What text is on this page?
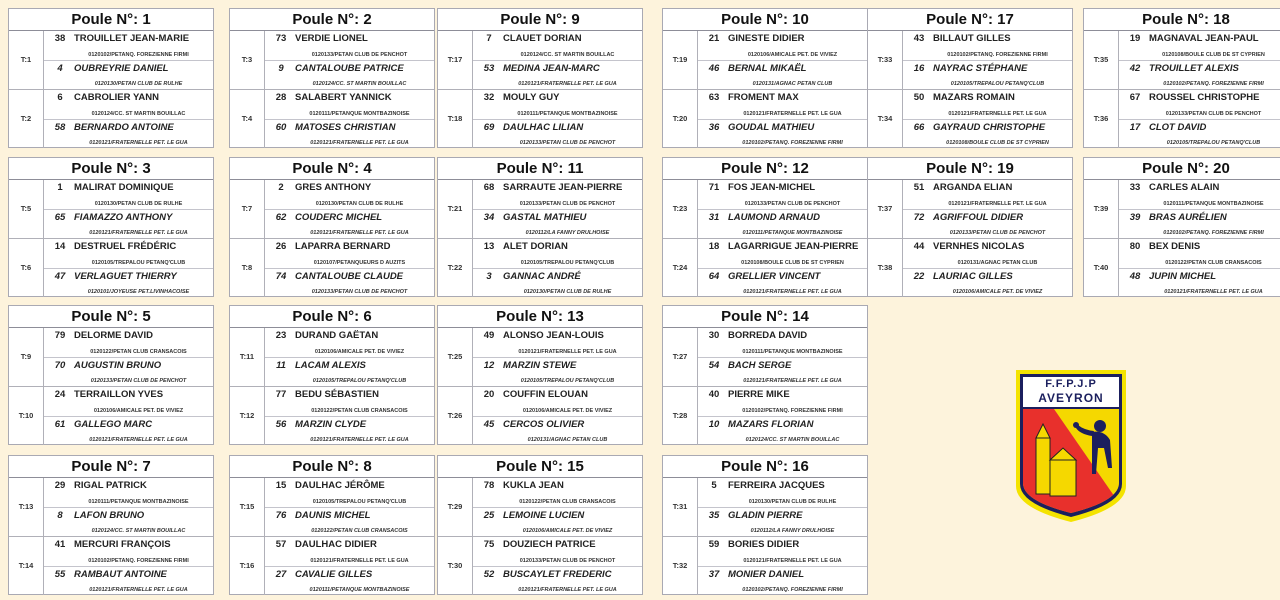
Poule N°: 1
T:1
38 TROUILLET JEAN-MARIE
0120102/PETANQ. FOREZIENNE FIRMI
4	OUBREYRIE DANIEL
0120130/PETAN CLUB DE RULHE
T:2
6	CABROLIER YANN
0120124/CC. ST MARTIN BOUILLAC
58 BERNARDO ANTOINE
0120121/FRATERNELLE PET. LE GUA
Poule N°: 2
T:3
73 VERDIE LIONEL
0120133/PETAN CLUB DE PENCHOT
9	CANTALOUBE PATRICE
0120124/CC. ST MARTIN BOUILLAC
T:4
28 SALABERT YANNICK
0120111/PETANQUE MONTBAZINOISE
60 MATOSES CHRISTIAN
0120121/FRATERNELLE PET. LE GUA
Poule N°: 9
T:17
7	CLAUET DORIAN
0120124/CC. ST MARTIN BOUILLAC
53 MEDINA JEAN-MARC
0120121/FRATERNELLE PET. LE GUA
T:18
32 MOULY GUY
0120111/PETANQUE MONTBAZINOISE
69 DAULHAC LILIAN
0120133/PETAN CLUB DE PENCHOT
Poule N°: 10
T:19
21 GINESTE DIDIER
0120106/AMICALE PET. DE VIVIEZ
46 BERNAL MIKAËL
0120131/AGNAC PETAN CLUB
T:20
63 FROMENT MAX
0120121/FRATERNELLE PET. LE GUA
36 GOUDAL MATHIEU
0120102/PETANQ. FOREZIENNE FIRMI
Poule N°: 17
T:33
43 BILLAUT GILLES
0120102/PETANQ. FOREZIENNE FIRMI
16 NAYRAC STÉPHANE
0120105/TREPALOU PETANQ'CLUB
T:34
50 MAZARS ROMAIN
0120121/FRATERNELLE PET. LE GUA
66 GAYRAUD CHRISTOPHE
0120108/BOULE CLUB DE ST CYPRIEN
Poule N°: 18
T:35
19 MAGNAVAL JEAN-PAUL
0120108/BOULE CLUB DE ST CYPRIEN
42 TROUILLET ALEXIS
0120102/PETANQ. FOREZIENNE FIRMI
T:36
67 ROUSSEL CHRISTOPHE
0120133/PETAN CLUB DE PENCHOT
17 CLOT DAVID
0120105/TREPALOU PETANQ'CLUB
Poule N°: 3
T:5
1	MALIRAT DOMINIQUE
0120130/PETAN CLUB DE RULHE
65 FIAMAZZO ANTHONY
0120121/FRATERNELLE PET. LE GUA
T:6
14 DESTRUEL FRÉDÉRIC
0120105/TREPALOU PETANQ'CLUB
47 VERLAGUET THIERRY
0120101/JOYEUSE PET.LIVINHACOISE
Poule N°: 4
T:7
2	GRES ANTHONY
0120130/PETAN CLUB DE RULHE
62 COUDERC MICHEL
0120121/FRATERNELLE PET. LE GUA
T:8
26 LAPARRA BERNARD
0120107/PETANQUEURS D AUZITS
74 CANTALOUBE CLAUDE
0120133/PETAN CLUB DE PENCHOT
Poule N°: 11
T:21
68 SARRAUTE JEAN-PIERRE
0120133/PETAN CLUB DE PENCHOT
34 GASTAL MATHIEU
0120112/LA FANNY DRULHOISE
T:22
13 ALET DORIAN
0120105/TREPALOU PETANQ'CLUB
3	GANNAC ANDRÉ
0120130/PETAN CLUB DE RULHE
Poule N°: 12
T:23
71 FOS JEAN-MICHEL
0120133/PETAN CLUB DE PENCHOT
31 LAUMOND ARNAUD
0120111/PETANQUE MONTBAZINOISE
T:24
18 LAGARRIGUE JEAN-PIERRE
0120108/BOULE CLUB DE ST CYPRIEN
64 GRELLIER VINCENT
0120121/FRATERNELLE PET. LE GUA
Poule N°: 19
T:37
51 ARGANDA ELIAN
0120121/FRATERNELLE PET. LE GUA
72 AGRIFFOUL DIDIER
0120133/PETAN CLUB DE PENCHOT
T:38
44 VERNHES NICOLAS
0120131/AGNAC PETAN CLUB
22 LAURIAC GILLES
0120106/AMICALE PET. DE VIVIEZ
Poule N°: 20
T:39
33 CARLES ALAIN
0120111/PETANQUE MONTBAZINOISE
39 BRAS AURÉLIEN
0120102/PETANQ. FOREZIENNE FIRMI
T:40
80 BEX DENIS
0120122/PETAN CLUB CRANSACOIS
48 JUPIN MICHEL
0120121/FRATERNELLE PET. LE GUA
Poule N°: 5
T:9
79 DELORME DAVID
0120122/PETAN CLUB CRANSACOIS
70 AUGUSTIN BRUNO
0120133/PETAN CLUB DE PENCHOT
T:10
24 TERRAILLON YVES
0120106/AMICALE PET. DE VIVIEZ
61 GALLEGO MARC
0120121/FRATERNELLE PET. LE GUA
Poule N°: 6
T:11
23 DURAND GAËTAN
0120106/AMICALE PET. DE VIVIEZ
11 LACAM ALEXIS
0120105/TREPALOU PETANQ'CLUB
T:12
77 BEDU SÉBASTIEN
0120122/PETAN CLUB CRANSACOIS
56 MARZIN CLYDE
0120121/FRATERNELLE PET. LE GUA
Poule N°: 13
T:25
49 ALONSO JEAN-LOUIS
0120121/FRATERNELLE PET. LE GUA
12 MARZIN STEWE
0120105/TREPALOU PETANQ'CLUB
T:26
20 COUFFIN ELOUAN
0120106/AMICALE PET. DE VIVIEZ
45 CERCOS OLIVIER
0120131/AGNAC PETAN CLUB
Poule N°: 14
T:27
30 BORREDA DAVID
0120111/PETANQUE MONTBAZINOISE
54 BACH SERGE
0120121/FRATERNELLE PET. LE GUA
T:28
40 PIERRE MIKE
0120102/PETANQ. FOREZIENNE FIRMI
10 MAZARS FLORIAN
0120124/CC. ST MARTIN BOUILLAC
Poule N°: 7
T:13
29 RIGAL PATRICK
0120111/PETANQUE MONTBAZINOISE
8	LAFON BRUNO
0120124/CC. ST MARTIN BOUILLAC
T:14
41 MERCURI FRANÇOIS
0120102/PETANQ. FOREZIENNE FIRMI
55 RAMBAUT ANTOINE
0120121/FRATERNELLE PET. LE GUA
Poule N°: 8
T:15
15 DAULHAC JÉRÔME
0120105/TREPALOU PETANQ'CLUB
76 DAUNIS MICHEL
0120122/PETAN CLUB CRANSACOIS
T:16
57 DAULHAC DIDIER
0120121/FRATERNELLE PET. LE GUA
27 CAVALIE GILLES
0120111/PETANQUE MONTBAZINOISE
Poule N°: 15
T:29
78 KUKLA JEAN
0120122/PETAN CLUB CRANSACOIS
25 LEMOINE LUCIEN
0120106/AMICALE PET. DE VIVIEZ
T:30
75 DOUZIECH PATRICE
0120133/PETAN CLUB DE PENCHOT
52 BUSCAYLET FREDERIC
0120121/FRATERNELLE PET. LE GUA
Poule N°: 16
T:31
5	FERREIRA JACQUES
0120130/PETAN CLUB DE RULHE
35 GLADIN PIERRE
0120112/LA FANNY DRULHOISE
T:32
59 BORIES DIDIER
0120121/FRATERNELLE PET. LE GUA
37 MONIER DANIEL
0120102/PETANQ. FOREZIENNE FIRMI
F.F.P.J.P
AVEYRON
